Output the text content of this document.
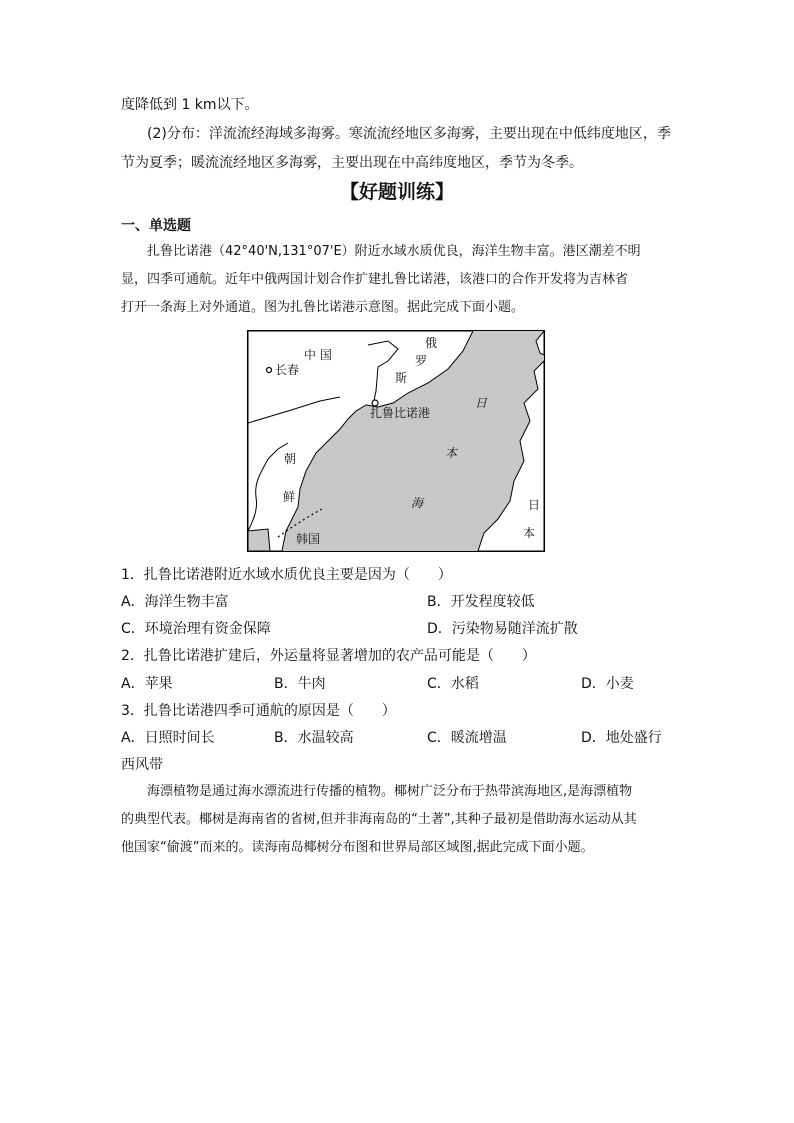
度降低到 1 km以下。
(2)分布：洋流流经海域多海雾。寒流流经地区多海雾，主要出现在中低纬度地区，季
节为夏季；暖流流经地区多海雾，主要出现在中高纬度地区，季节为冬季。
【好题训练】
一、单选题
扎鲁比诺港（42°40'N,131°07'E）附近水域水质优良，海洋生物丰富。港区潮差不明
显，四季可通航。近年中俄两国计划合作扩建扎鲁比诺港，该港口的合作开发将为吉林省
打开一条海上对外通道。图为扎鲁比诺港示意图。据此完成下面小题。
中 国
长春
俄
罗
斯
扎鲁比诺港
日
本
海
朝
鲜
韩国
日
本
1．扎鲁比诺港附近水域水质优良主要是因为（　　）
A．海洋生物丰富	B．开发程度较低
C．环境治理有资金保障	D．污染物易随洋流扩散
2．扎鲁比诺港扩建后，外运量将显著增加的农产品可能是（　　）
A．苹果	B．牛肉	C．水稻	D．小麦
3．扎鲁比诺港四季可通航的原因是（　　）
A．日照时间长	B．水温较高	C．暖流增温	D．地处盛行
西风带
海漂植物是通过海水漂流进行传播的植物。椰树广泛分布于热带滨海地区,是海漂植物
的典型代表。椰树是海南省的省树,但并非海南岛的“土著”,其种子最初是借助海水运动从其
他国家“偷渡”而来的。读海南岛椰树分布图和世界局部区域图,据此完成下面小题。
